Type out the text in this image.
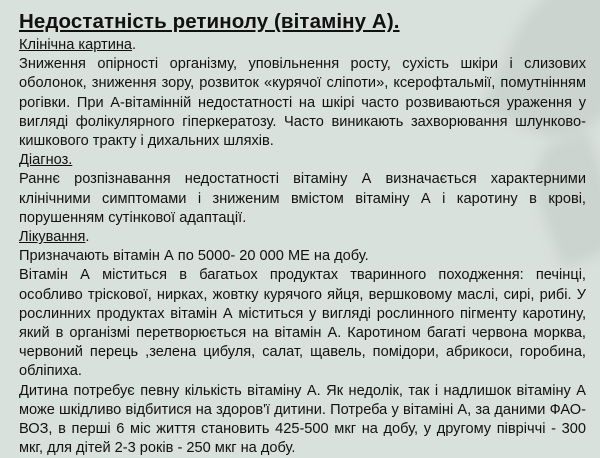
Недостатність ретинолу (вітаміну А).

Клінічна картина.

Зниження опірності організму, уповільнення росту, сухість шкіри і слизових оболонок, зниження зору, розвиток «курячої сліпоти», ксерофтальмії, помутнінням рогівки. При А-вітамінній недостатності на шкірі часто розвиваються ураження у вигляді фолікулярного гіперкератозу. Часто виникають захворювання шлунково-кишкового тракту і дихальних шляхів.

Діагноз.

Раннє розпізнавання недостатності вітаміну А визначається характерними клінічними симптомами і зниженим вмістом вітаміну А і каротину в крові, порушенням сутінкової адаптації.

Лікування.

Призначають вітамін А по 5000- 20 000 МЕ на добу.

Вітамін А міститься в багатьох продуктах тваринного походження: печінці, особливо тріскової, нирках, жовтку курячого яйця, вершковому маслі, сирі, рибі. У рослинних продуктах вітамін А міститься у вигляді рослинного пігменту каротину, який в організмі перетворюється на вітамін А. Каротином багаті червона морква, червоний перець ,зелена цибуля, салат, щавель, помідори, абрикоси, горобина, обліпиха.

Дитина потребує певну кількість вітаміну А. Як недолік, так і надлишок вітаміну А може шкідливо відбитися на здоров'ї дитини. Потреба у вітаміні А, за даними ФАО-ВОЗ, в перші 6 міс життя становить 425-500 мкг на добу, у другому півріччі - 300 мкг, для дітей 2-3 років - 250 мкг на добу.
